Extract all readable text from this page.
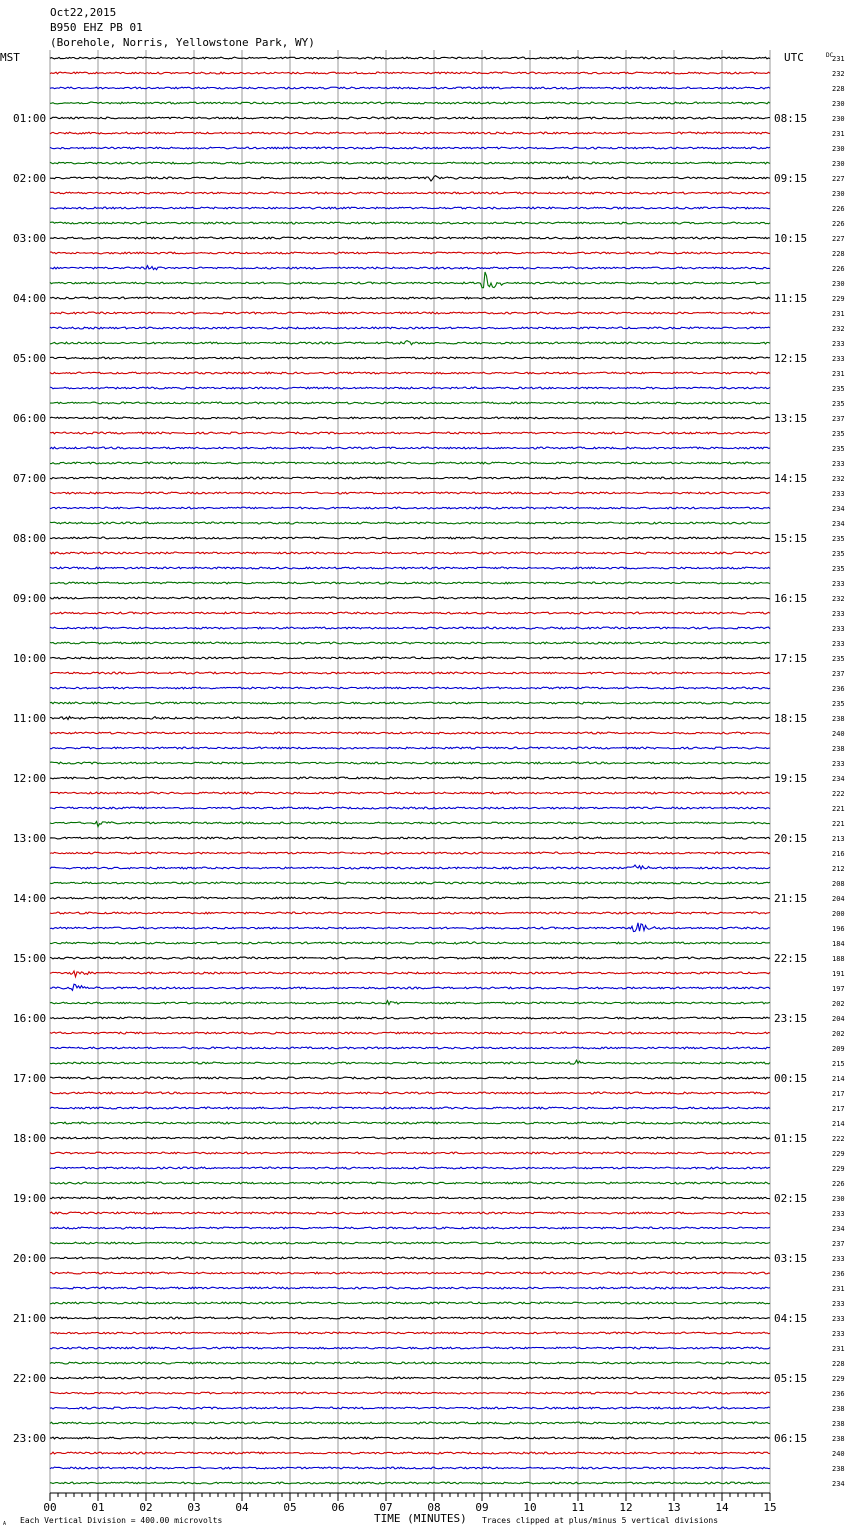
Oct22,2015
B950 EHZ PB 01
(Borehole, Norris, Yellowstone Park, WY)
MST	UTC	DC
01:00
02:00
03:00
04:00
05:00
06:00
07:00
08:00
09:00
10:00
11:00
12:00
13:00
14:00
15:00
16:00
17:00
18:00
19:00
20:00
21:00
22:00
23:00
08:15
09:15
10:15
11:15
12:15
13:15
14:15
15:15
16:15
17:15
18:15
19:15
20:15
21:15
22:15
23:15
00:15
01:15
02:15
03:15
04:15
05:15
06:15
231
232
228
230
230
231
230
230
227
230
226
226
227
228
226
230
229
231
232
233
233
231
235
235
237
235
235
233
232
233
234
234
235
235
235
233
232
233
233
233
235
237
236
235
238
240
238
233
234
222
221
221
213
216
212
208
204
200
196
184
188
191
197
202
204
202
209
215
214
217
217
214
222
229
229
226
230
233
234
237
233
236
231
233
233
233
231
228
229
236
238
238
238
240
238
234
00	01	02	03	04	05	06	07	08	09	10	11	12	13	14	15
TIME (MINUTES)
A Each Vertical Division = 400.00 microvolts	Traces clipped at plus/minus 5 vertical divisions
